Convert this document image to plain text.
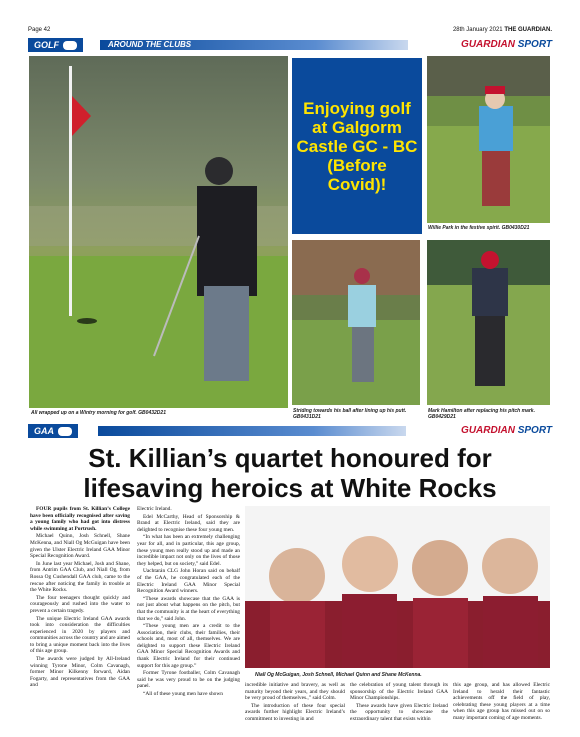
Page 42	28th January 2021 THE GUARDIAN.
GOLF	AROUND THE CLUBS	GUARDIAN SPORT
All wrapped up on a Wintry morning for golf. GB0432D21
Enjoying golf at Galgorm Castle GC - BC (Before Covid)!
Willie Park in the festive spirit. GB0430D21
Striding towards his ball after lining up his putt. GB0431D21
Mark Hamilton after replacing his pitch mark. GB0429D21
GAA	GUARDIAN SPORT
St. Killian’s quartet honoured for lifesaving heroics at White Rocks

FOUR pupils from St. Killian’s College have been officially recognised after saving a young family who had got into distress while swimming at Portrush.

Michael Quinn, Josh Schnell, Shane McKenna, and Niall Og McGuigan have been given the Ulster Electric Ireland GAA Minor Special Recognition Award.

In June last year Michael, Josh and Shane, from Antrim GAA Club, and Niall Og, from Rossa Og Cushendall GAA club, came to the rescue after noticing the family in trouble at the White Rocks.

The four teenagers thought quickly and courageously and rushed into the water to prevent a certain tragedy.

The unique Electric Ireland GAA awards took into consideration the difficulties experienced in 2020 by players and communities across the country and are aimed to bring a unique moment back into the lives of this age group.

The awards were judged by All-Ireland winning Tyrone Minor, Colm Cavanagh, former Minor Kilkenny forward, Aidan Fogarty, and representatives from the GAA and

Electric Ireland.

Edel McCarthy, Head of Sponsorship & Brand at Electric Ireland, said they are delighted to recognise these four young men.

“In what has been an extremely challenging year for all, and in particular, this age group, these young men really stood up and made an incredible impact not only on the lives of those they helped, but on society,” said Edel.

Uachtarán CLG John Horan said on behalf of the GAA, he congratulated each of the Electric Ireland GAA Minor Special Recognition Award winners.

“These awards showcase that the GAA is not just about what happens on the pitch, but that the community is at the heart of everything that we do,” said John.

“These young men are a credit to the Association, their clubs, their families, their schools and, most of all, themselves. We are delighted to support these Electric Ireland GAA Minor Special Recognition Awards and thank Electric Ireland for their continued support for this age group.”

Former Tyrone footballer, Colm Cavanagh said he was very proud to be on the judging panel.

“All of these young men have shown

Niall Og McGuigan, Josh Schnell, Michael Quinn and Shane McKenna.

incredible initiative and bravery, as well as maturity beyond their years, and they should be very proud of themselves.,” said Colm.

The introduction of these four special awards further highlight Electric Ireland’s commitment to investing in and

the celebration of young talent through its sponsorship of the Electric Ireland GAA Minor Championships.

These awards have given Electric Ireland the opportunity to showcase the extraordinary talent that exists within

this age group, and has allowed Electric Ireland to herald their fantastic achievements off the field of play, celebrating these young players at a time when this age group has missed out on so many important coming of age moments.
